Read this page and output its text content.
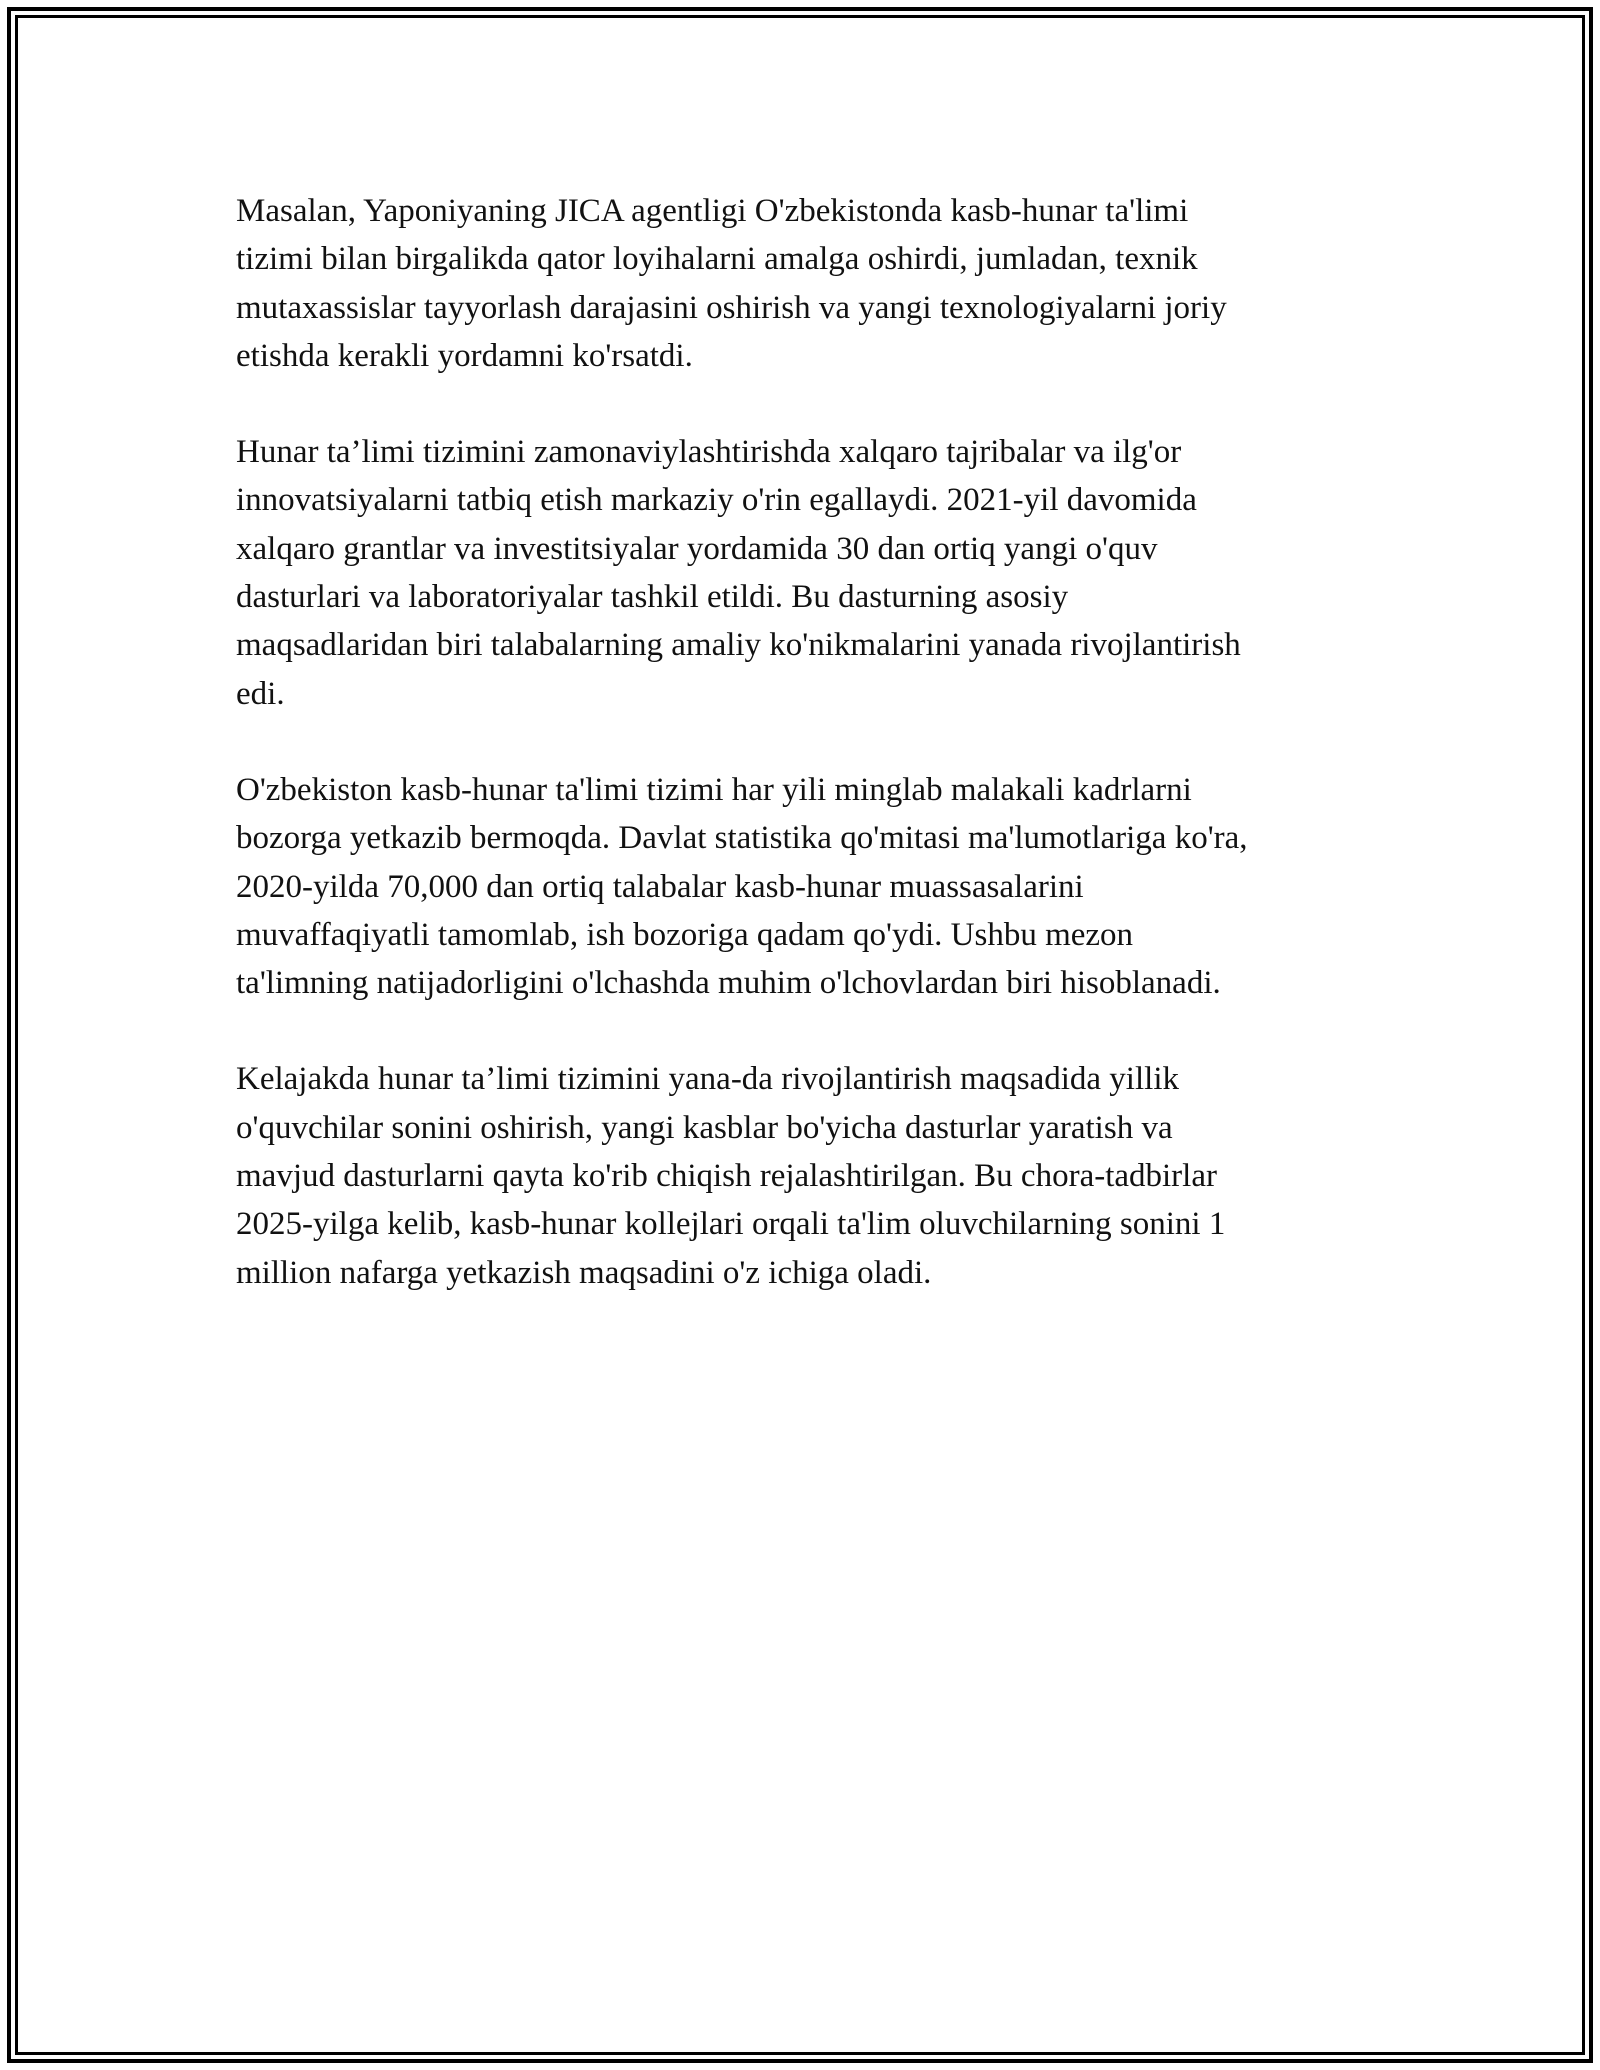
Masalan, Yaponiyaning JICA agentligi O'zbekistonda kasb-hunar ta'limi
tizimi bilan birgalikda qator loyihalarni amalga oshirdi, jumladan, texnik
mutaxassislar tayyorlash darajasini oshirish va yangi texnologiyalarni joriy
etishda kerakli yordamni ko'rsatdi.

Hunar ta’limi tizimini zamonaviylashtirishda xalqaro tajribalar va ilg'or
innovatsiyalarni tatbiq etish markaziy o'rin egallaydi. 2021-yil davomida
xalqaro grantlar va investitsiyalar yordamida 30 dan ortiq yangi o'quv
dasturlari va laboratoriyalar tashkil etildi. Bu dasturning asosiy
maqsadlaridan biri talabalarning amaliy ko'nikmalarini yanada rivojlantirish
edi.

O'zbekiston kasb-hunar ta'limi tizimi har yili minglab malakali kadrlarni
bozorga yetkazib bermoqda. Davlat statistika qo'mitasi ma'lumotlariga ko'ra,
2020-yilda 70,000 dan ortiq talabalar kasb-hunar muassasalarini
muvaffaqiyatli tamomlab, ish bozoriga qadam qo'ydi. Ushbu mezon
ta'limning natijadorligini o'lchashda muhim o'lchovlardan biri hisoblanadi.

Kelajakda hunar ta’limi tizimini yana-da rivojlantirish maqsadida yillik
o'quvchilar sonini oshirish, yangi kasblar bo'yicha dasturlar yaratish va
mavjud dasturlarni qayta ko'rib chiqish rejalashtirilgan. Bu chora-tadbirlar
2025-yilga kelib, kasb-hunar kollejlari orqali ta'lim oluvchilarning sonini 1
million nafarga yetkazish maqsadini o'z ichiga oladi.
